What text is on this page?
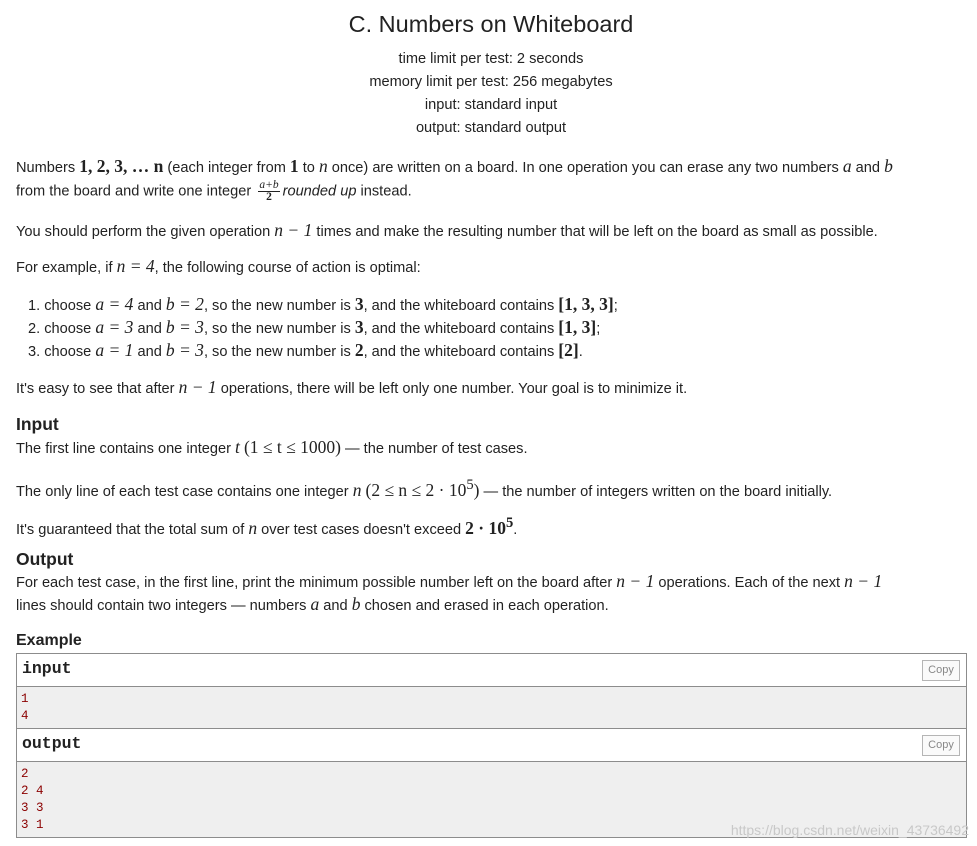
C. Numbers on Whiteboard
time limit per test: 2 seconds
memory limit per test: 256 megabytes
input: standard input
output: standard output
Numbers 1, 2, 3, … n (each integer from 1 to n once) are written on a board. In one operation you can erase any two numbers a and b
from the board and write one integer $\frac{a+b}{2}$ rounded up instead.
You should perform the given operation n − 1 times and make the resulting number that will be left on the board as small as possible.
For example, if n = 4, the following course of action is optimal:
1. choose a = 4 and b = 2, so the new number is 3, and the whiteboard contains [1, 3, 3];
2. choose a = 3 and b = 3, so the new number is 3, and the whiteboard contains [1, 3];
3. choose a = 1 and b = 3, so the new number is 2, and the whiteboard contains [2].
It's easy to see that after n − 1 operations, there will be left only one number. Your goal is to minimize it.
Input
The first line contains one integer t (1 ≤ t ≤ 1000) — the number of test cases.
The only line of each test case contains one integer n $(2 \le n \le 2 \cdot 10^5)$ — the number of integers written on the board initially.
It's guaranteed that the total sum of n over test cases doesn't exceed $2 \cdot 10^5$.
Output
For each test case, in the first line, print the minimum possible number left on the board after n − 1 operations. Each of the next n − 1
lines should contain two integers — numbers a and b chosen and erased in each operation.
Example
input	Copy
1
4
output	Copy
2
2 4
3 3
3 1	https://blog.csdn.net/weixin_43736492
